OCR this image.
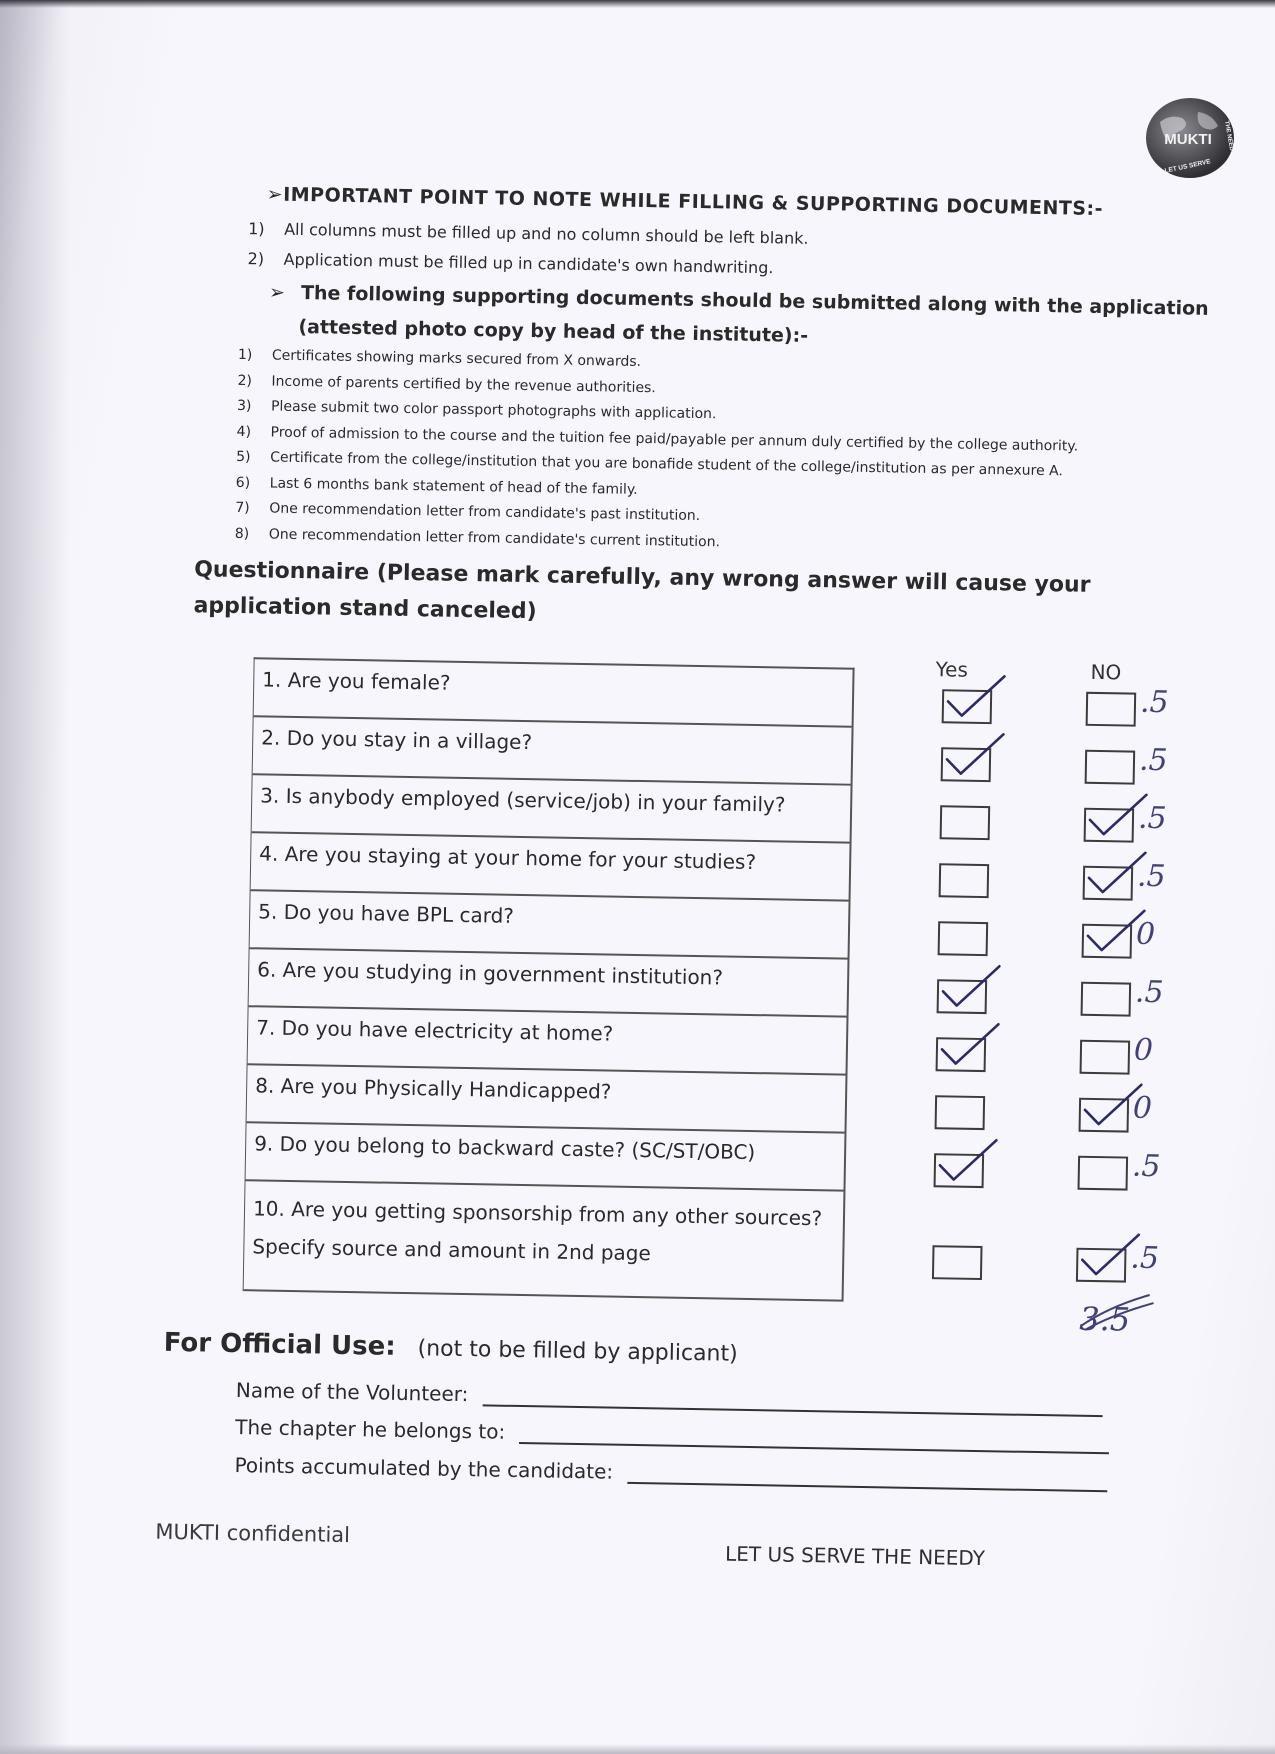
MUKTI
LET US SERVE
THE NEEDY
➢IMPORTANT POINT TO NOTE WHILE FILLING & SUPPORTING DOCUMENTS:-
1) All columns must be filled up and no column should be left blank.
2) Application must be filled up in candidate's own handwriting.
➢ The following supporting documents should be submitted along with the application
(attested photo copy by head of the institute):-
1) Certificates showing marks secured from X onwards.
2) Income of parents certified by the revenue authorities.
3) Please submit two color passport photographs with application.
4) Proof of admission to the course and the tuition fee paid/payable per annum duly certified by the college authority.
5) Certificate from the college/institution that you are bonafide student of the college/institution as per annexure A.
6) Last 6 months bank statement of head of the family.
7) One recommendation letter from candidate's past institution.
8) One recommendation letter from candidate's current institution.
Questionnaire (Please mark carefully, any wrong answer will cause your application stand canceled)
Yes	NO
1. Are you female?
2. Do you stay in a village?
3. Is anybody employed (service/job) in your family?
4. Are you staying at your home for your studies?
5. Do you have BPL card?
6. Are you studying in government institution?
7. Do you have electricity at home?
8. Are you Physically Handicapped?
9. Do you belong to backward caste? (SC/ST/OBC)
10. Are you getting sponsorship from any other sources? Specify source and amount in 2nd page
.5
.5
.5
.5
0
.5
0
0
.5
.5
3.5
For Official Use: (not to be filled by applicant)
Name of the Volunteer:
The chapter he belongs to:
Points accumulated by the candidate:
MUKTI confidential
LET US SERVE THE NEEDY
